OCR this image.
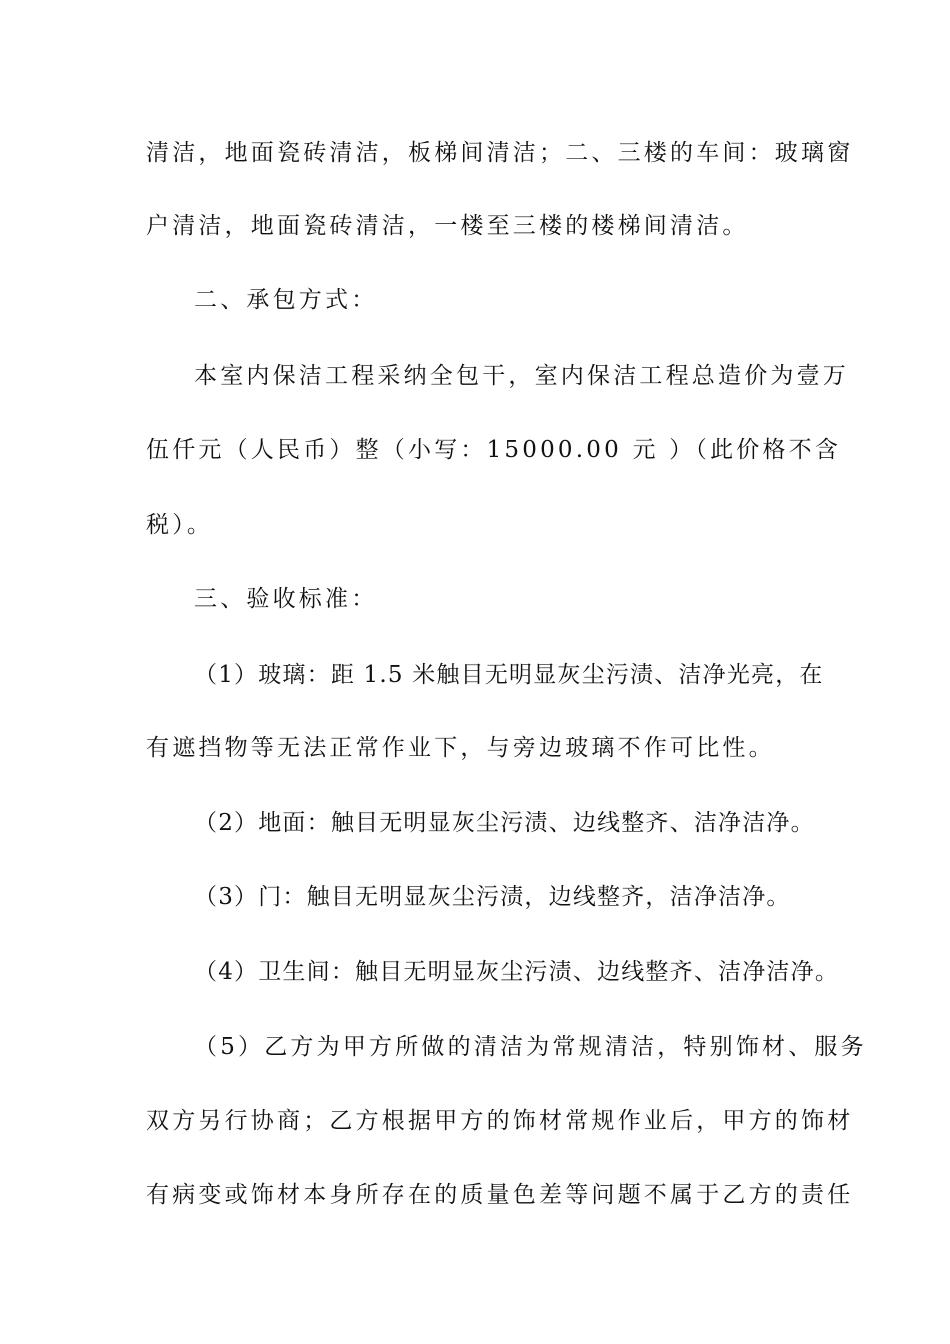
清洁，地面瓷砖清洁，板梯间清洁；二、三楼的车间：玻璃窗
户清洁，地面瓷砖清洁，一楼至三楼的楼梯间清洁。
二、承包方式：
本室内保洁工程采纳全包干，室内保洁工程总造价为壹万
伍仟元（人民币）整（小写：15000.00 元 ）（此价格不含
税）。
三、验收标准：
（1）玻璃：距 1.5 米触目无明显灰尘污渍、洁净光亮，在
有遮挡物等无法正常作业下，与旁边玻璃不作可比性。
（2）地面：触目无明显灰尘污渍、边线整齐、洁净洁净。
（3）门：触目无明显灰尘污渍，边线整齐，洁净洁净。
（4）卫生间：触目无明显灰尘污渍、边线整齐、洁净洁净。
（5）乙方为甲方所做的清洁为常规清洁，特别饰材、服务
双方另行协商；乙方根据甲方的饰材常规作业后，甲方的饰材
有病变或饰材本身所存在的质量色差等问题不属于乙方的责任
